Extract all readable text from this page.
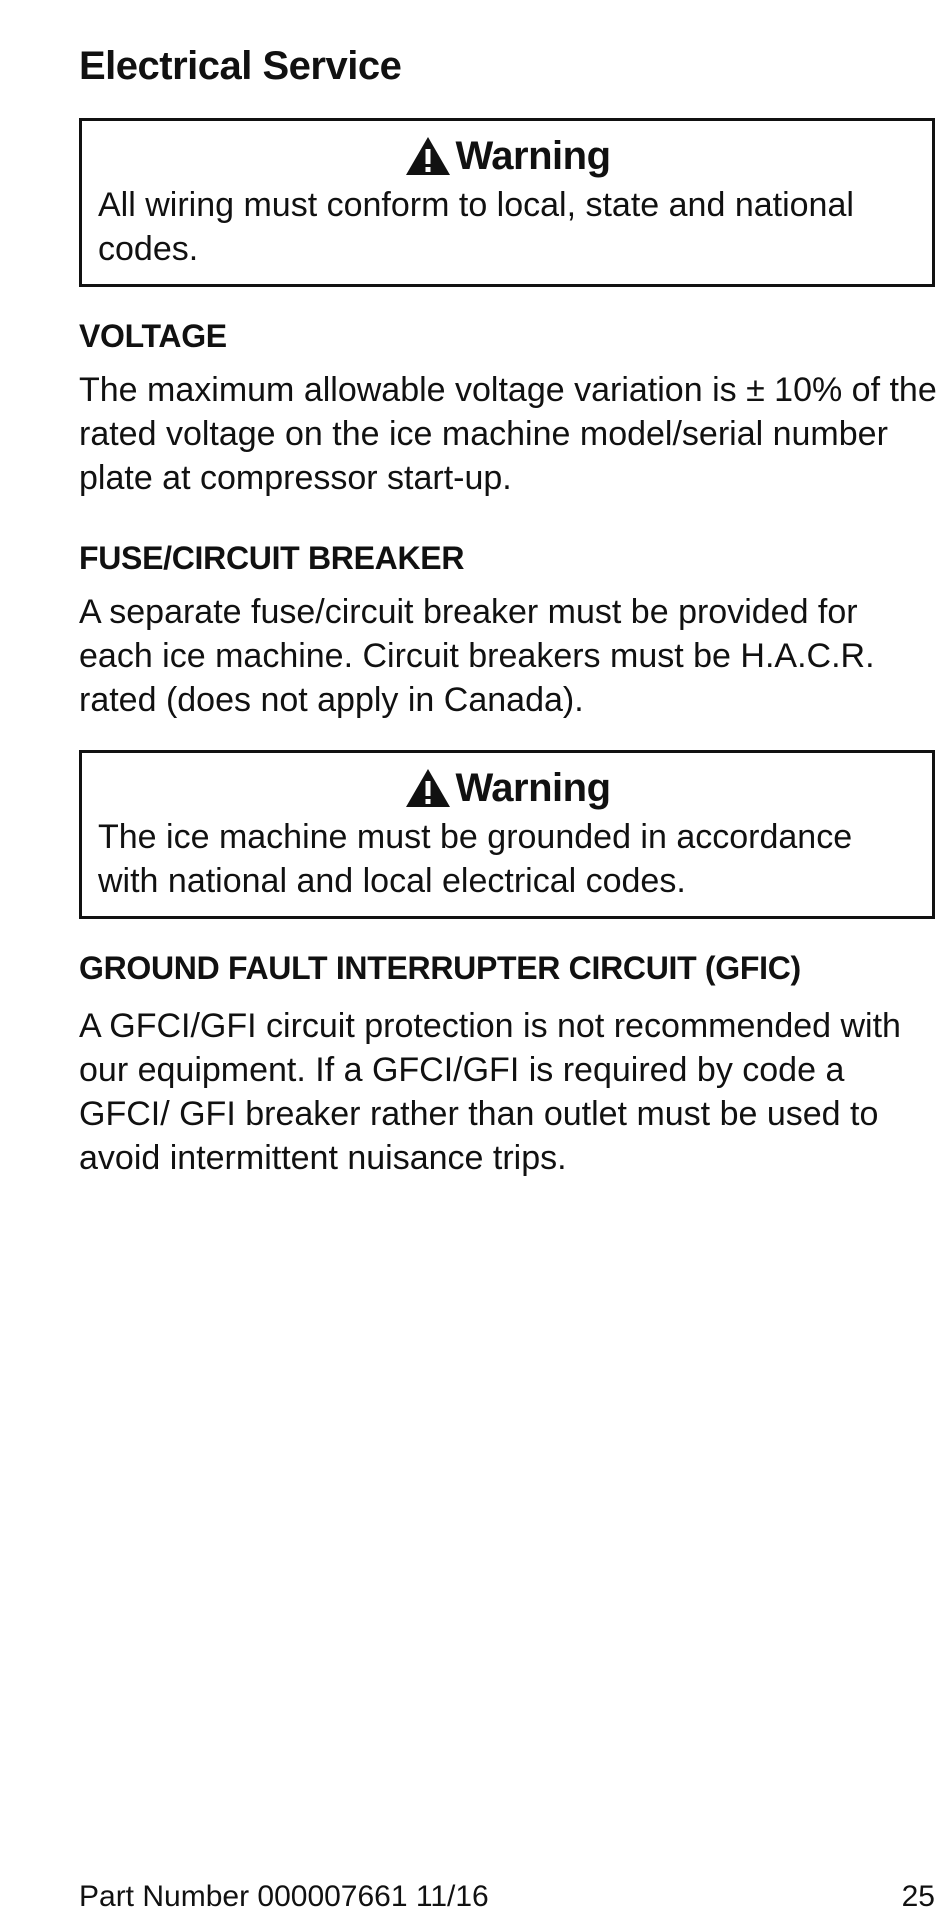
Electrical Service
Warning
All wiring must conform to local, state and national codes.
VOLTAGE

The maximum allowable voltage variation is ± 10% of the rated voltage on the ice machine model/serial number plate at compressor start-up.

FUSE/CIRCUIT BREAKER

A separate fuse/circuit breaker must be provided for each ice machine. Circuit breakers must be H.A.C.R. rated (does not apply in Canada).

Warning
The ice machine must be grounded in accordance with national and local electrical codes.
GROUND FAULT INTERRUPTER CIRCUIT (GFIC)

A GFCI/GFI circuit protection is not recommended with our equipment. If a GFCI/GFI is required by code a GFCI/ GFI breaker rather than outlet must be used to avoid intermittent nuisance trips.

Part Number 000007661 11/16	25
